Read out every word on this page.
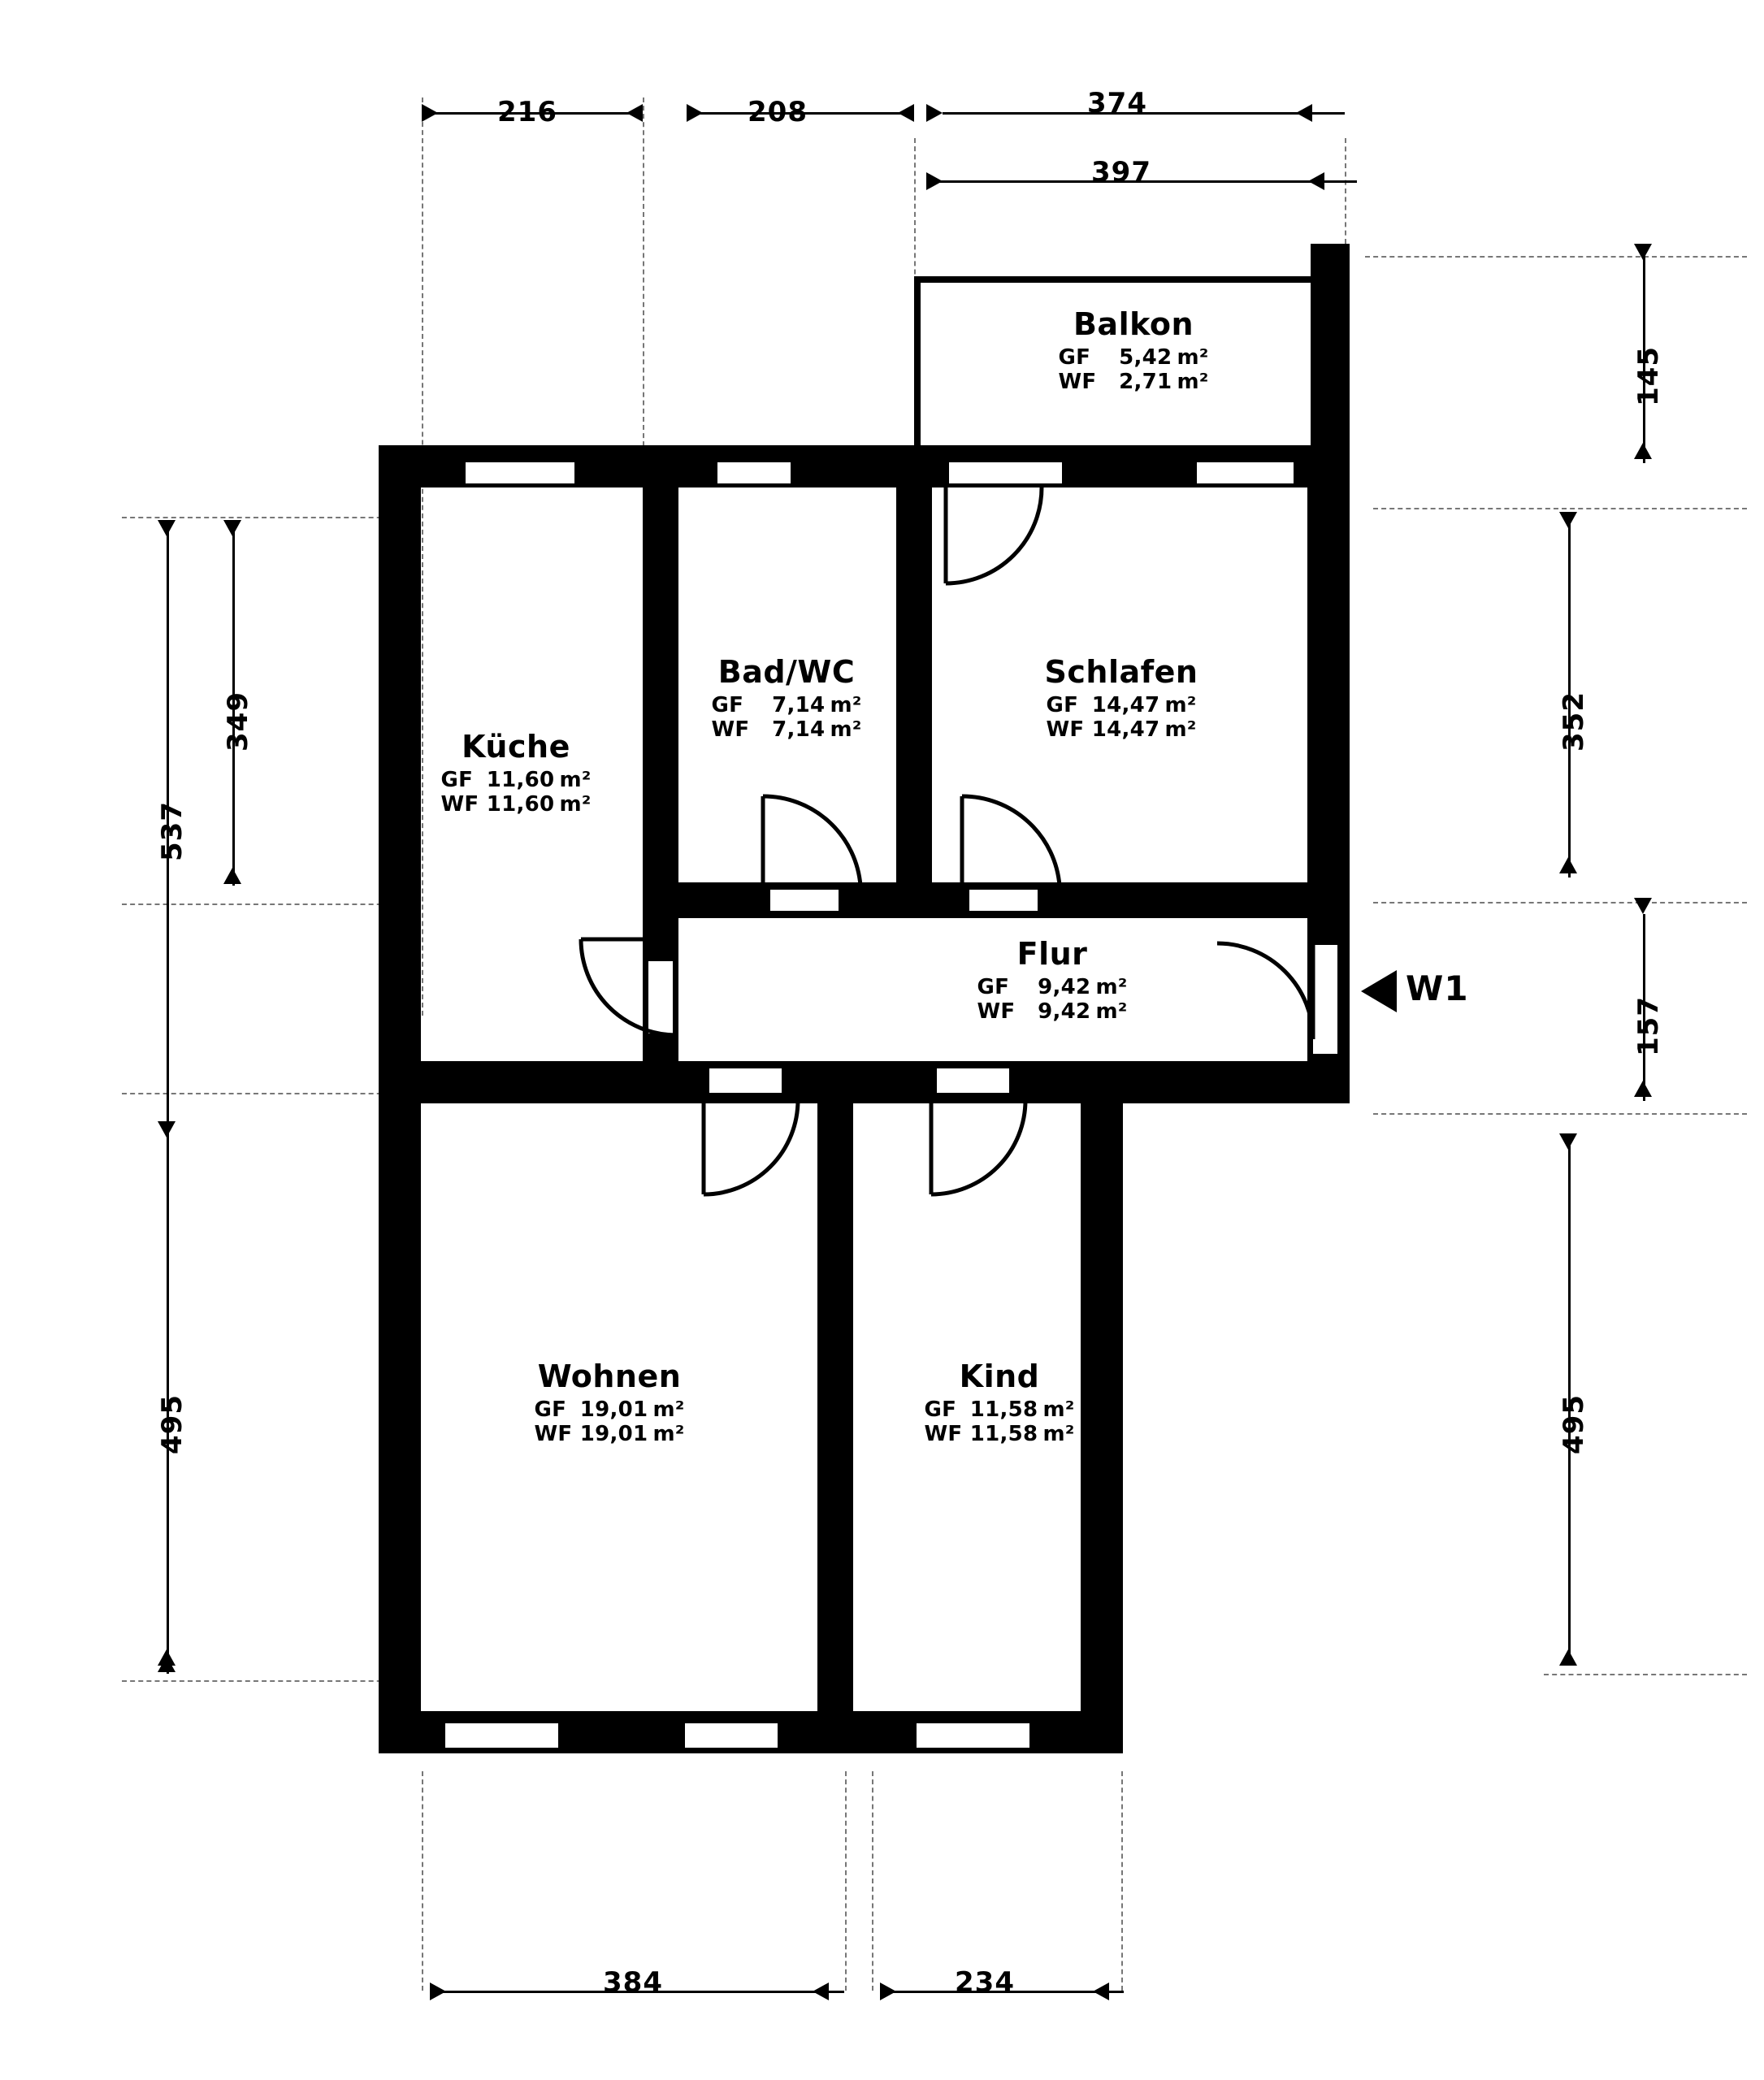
216	208	374
397
537
349
495
145
352
157
495
384	234
W1
Balkon
GF 5,42 m²
WF 2,71 m²
Küche
GF 11,60 m²
WF 11,60 m²
Bad/WC
GF 7,14 m²
WF 7,14 m²
Schlafen
GF 14,47 m²
WF 14,47 m²
Flur
GF 9,42 m²
WF 9,42 m²
Wohnen
GF 19,01 m²
WF 19,01 m²
Kind
GF 11,58 m²
WF 11,58 m²
